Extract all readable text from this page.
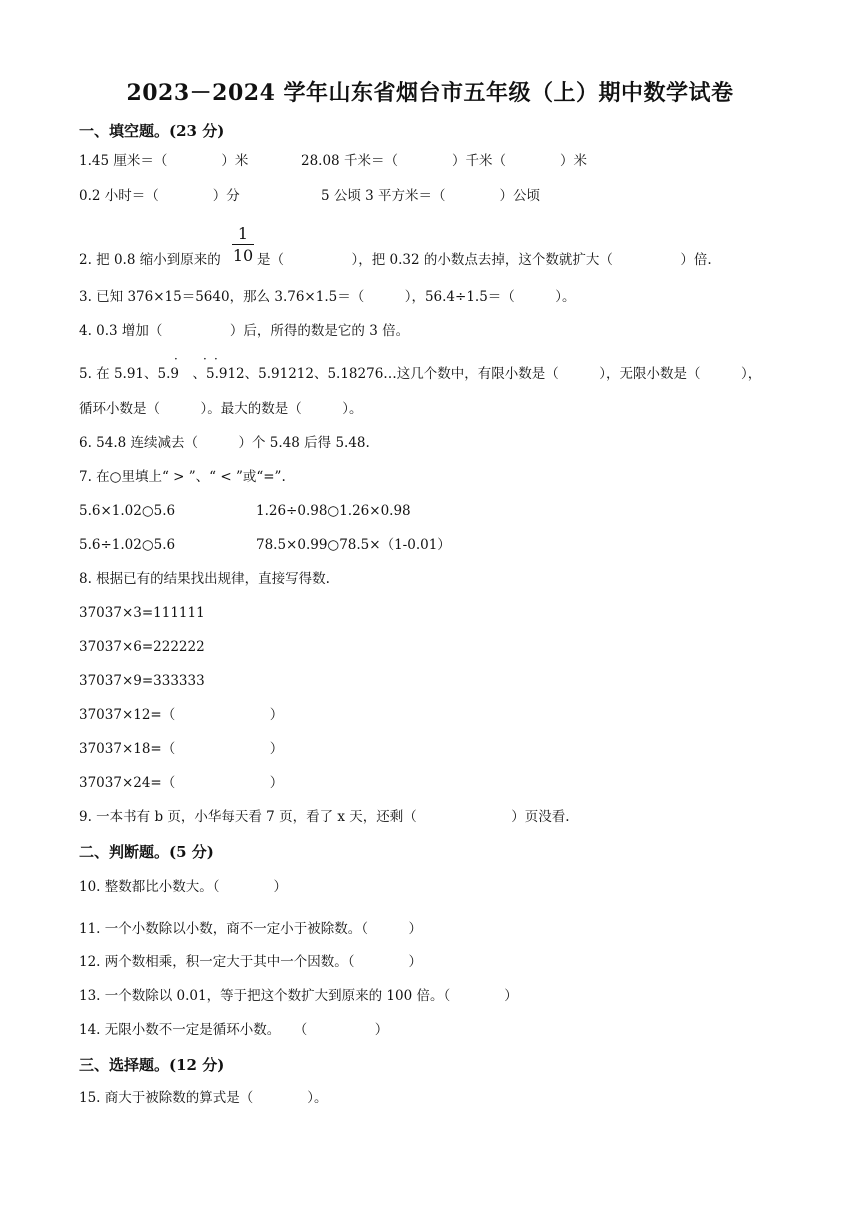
2023－2024 学年山东省烟台市五年级（上）期中数学试卷
一、填空题。(23 分)
1.45 厘米＝（　　　　）米	28.08 千米＝（　　　　）千米（　　　　）米
0.2 小时＝（　　　　）分	5 公顷 3 平方米＝（　　　　）公顷
2. 把 0.8 缩小到原来的
1
10 是（　　　　　），把 0.32 的小数点去掉，这个数就扩大（　　　　　）倍.
3. 已知 376×15＝5640，那么 3.76×1.5＝（　　　），56.4÷1.5＝（　　　）。
4. 0.3 增加（　　　　　）后，所得的数是它的 3 倍。
5. 在 5.91、5.9　、5.912、5.91212、5.18276…这几个数中，有限小数是（　　　），无限小数是（　　　），
· · ·
循环小数是（　　　）。最大的数是（　　　）。
6. 54.8 连续减去（　　　）个 5.48 后得 5.48.
7. 在○里填上“ > ”、“ < ”或“=”.
5.6×1.02○5.6	1.26÷0.98○1.26×0.98
5.6÷1.02○5.6	78.5×0.99○78.5×（1-0.01）
8. 根据已有的结果找出规律，直接写得数.
37037×3=111111
37037×6=222222
37037×9=333333
37037×12=（　　　　　　　）
37037×18=（　　　　　　　）
37037×24=（　　　　　　　）
9. 一本书有 b 页，小华每天看 7 页，看了 x 天，还剩（　　　　　　　）页没看.
二、判断题。(5 分)
10. 整数都比小数大。（　　　　）
11. 一个小数除以小数，商不一定小于被除数。（　　　）
12. 两个数相乘，积一定大于其中一个因数。（　　　　）
13. 一个数除以 0.01，等于把这个数扩大到原来的 100 倍。（　　　　）
14. 无限小数不一定是循环小数。　　（　　　　　）
三、选择题。(12 分)
15. 商大于被除数的算式是（　　　　）。
